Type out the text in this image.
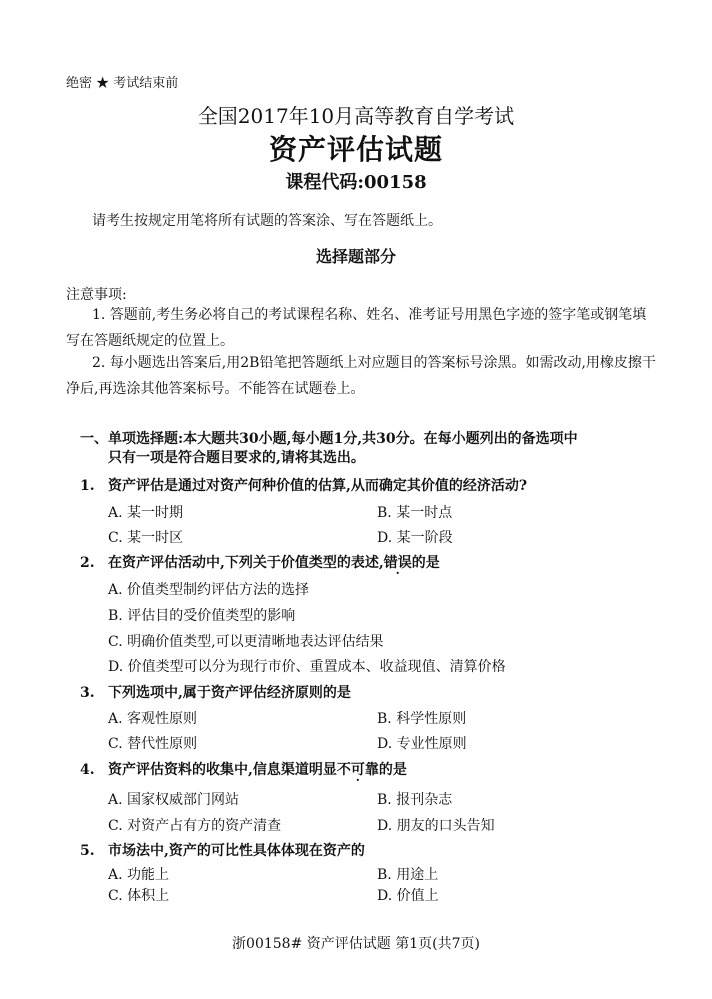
绝密 ★ 考试结束前
全国2017年10月高等教育自学考试
资产评估试题
课程代码:00158
请考生按规定用笔将所有试题的答案涂、写在答题纸上。
选择题部分
注意事项:
1. 答题前,考生务必将自己的考试课程名称、姓名、准考证号用黑色字迹的签字笔或钢笔填写在答题纸规定的位置上。
2. 每小题选出答案后,用2B铅笔把答题纸上对应题目的答案标号涂黑。如需改动,用橡皮擦干净后,再选涂其他答案标号。不能答在试题卷上。
一、单项选择题:本大题共30小题,每小题1分,共30分。在每小题列出的备选项中
只有一项是符合题目要求的,请将其选出。
1. 资产评估是通过对资产何种价值的估算,从而确定其价值的经济活动?
A. 某一时期	B. 某一时点
C. 某一时区	D. 某一阶段
2. 在资产评估活动中,下列关于价值类型的表述,错误的是
A. 价值类型制约评估方法的选择
B. 评估目的受价值类型的影响
C. 明确价值类型,可以更清晰地表达评估结果
D. 价值类型可以分为现行市价、重置成本、收益现值、清算价格
3. 下列选项中,属于资产评估经济原则的是
A. 客观性原则	B. 科学性原则
C. 替代性原则	D. 专业性原则
4. 资产评估资料的收集中,信息渠道明显不可靠的是
A. 国家权威部门网站	B. 报刊杂志
C. 对资产占有方的资产清查	D. 朋友的口头告知
5. 市场法中,资产的可比性具体体现在资产的
A. 功能上	B. 用途上
C. 体积上	D. 价值上
浙00158# 资产评估试题 第1页(共7页)
